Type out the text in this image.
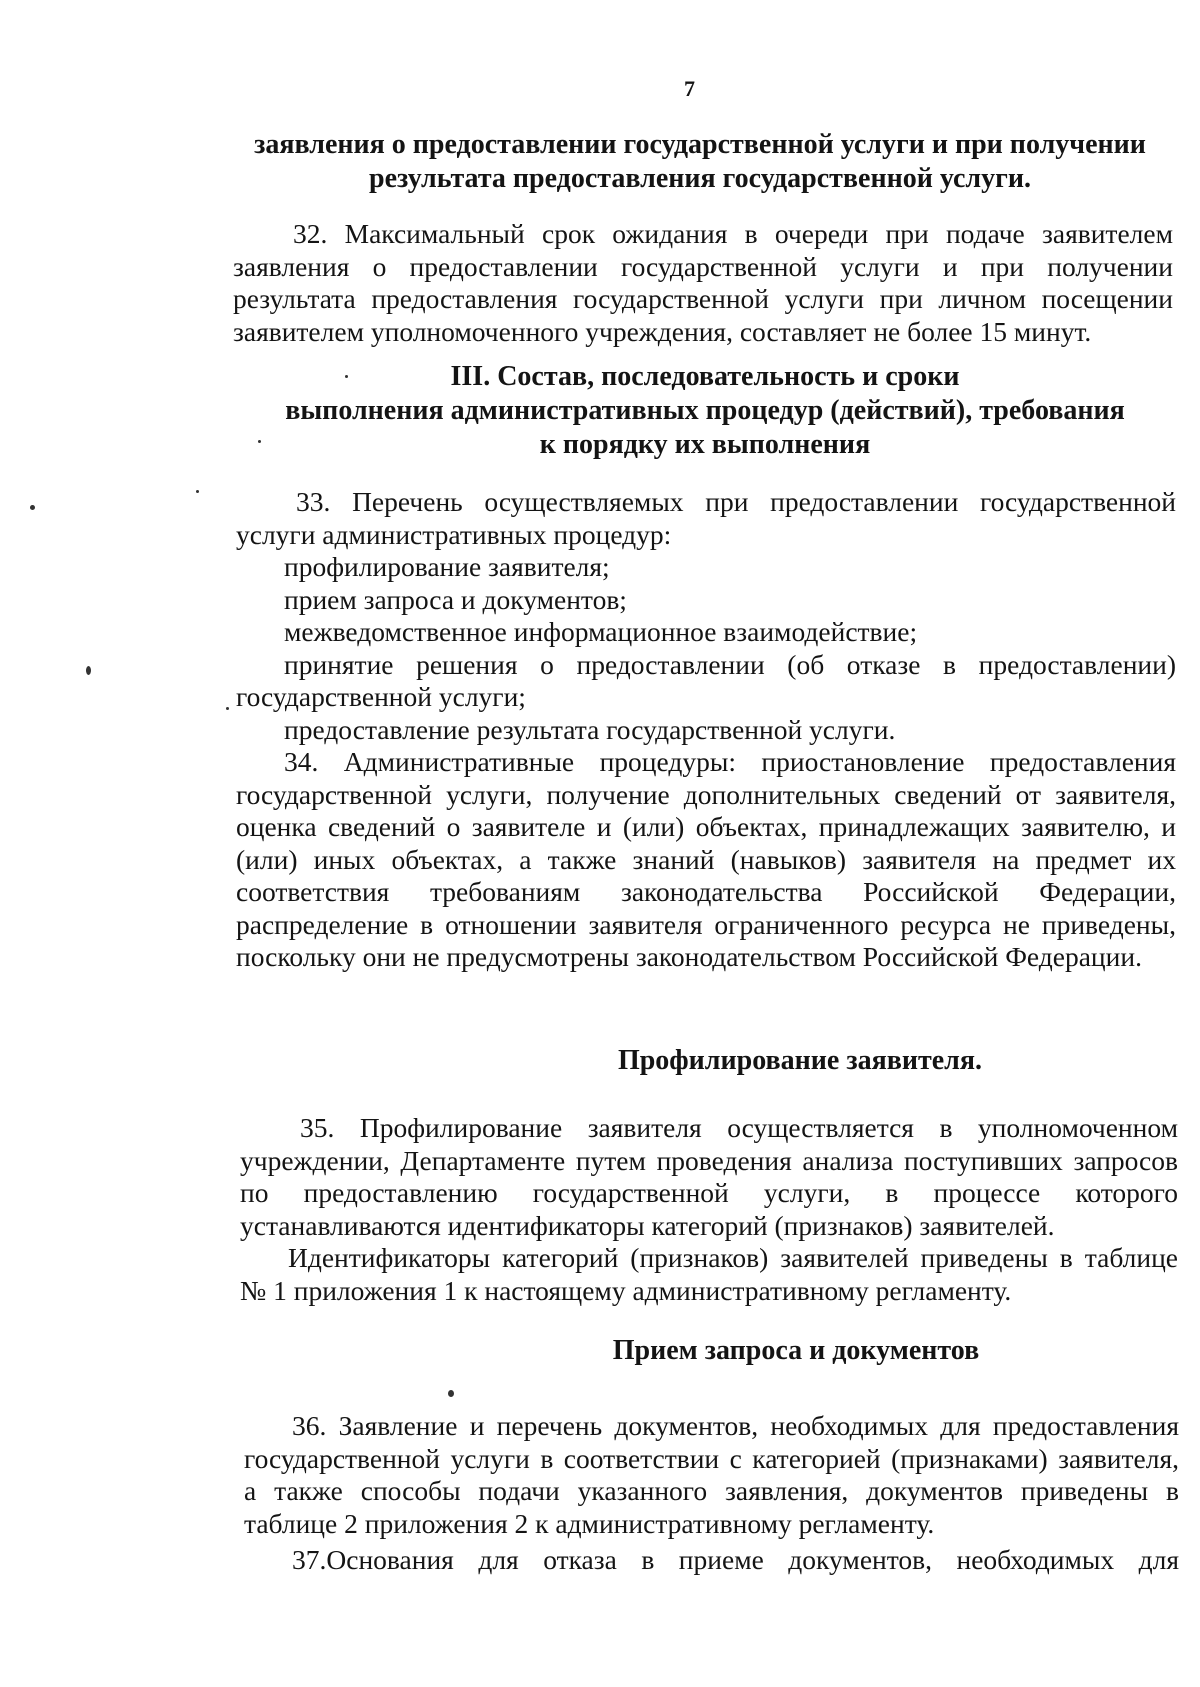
7
заявления о предоставлении государственной услуги и при получении
результата предоставления государственной услуги.
32. Максимальный срок ожидания в очереди при подаче заявителем
заявления о предоставлении государственной услуги и при получении
результата предоставления государственной услуги при личном посещении
заявителем уполномоченного учреждения, составляет не более 15 минут.
III. Состав, последовательность и сроки
выполнения административных процедур (действий), требования
к порядку их выполнения
33. Перечень осуществляемых при предоставлении государственной
услуги административных процедур:
профилирование заявителя;
прием запроса и документов;
межведомственное информационное взаимодействие;
принятие решения о предоставлении (об отказе в предоставлении)
государственной услуги;
предоставление результата государственной услуги.
34. Административные процедуры: приостановление предоставления
государственной услуги, получение дополнительных сведений от заявителя,
оценка сведений о заявителе и (или) объектах, принадлежащих заявителю, и
(или) иных объектах, а также знаний (навыков) заявителя на предмет их
соответствия требованиям законодательства Российской Федерации,
распределение в отношении заявителя ограниченного ресурса не приведены,
поскольку они не предусмотрены законодательством Российской Федерации.
Профилирование заявителя.
35. Профилирование заявителя осуществляется в уполномоченном
учреждении, Департаменте путем проведения анализа поступивших запросов
по предоставлению государственной услуги, в процессе которого
устанавливаются идентификаторы категорий (признаков) заявителей.
Идентификаторы категорий (признаков) заявителей приведены в таблице
№ 1 приложения 1 к настоящему административному регламенту.
Прием запроса и документов
36. Заявление и перечень документов, необходимых для предоставления
государственной услуги в соответствии с категорией (признаками) заявителя,
а также способы подачи указанного заявления, документов приведены в
таблице 2 приложения 2 к административному регламенту.
37.Основания для отказа в приеме документов, необходимых для
